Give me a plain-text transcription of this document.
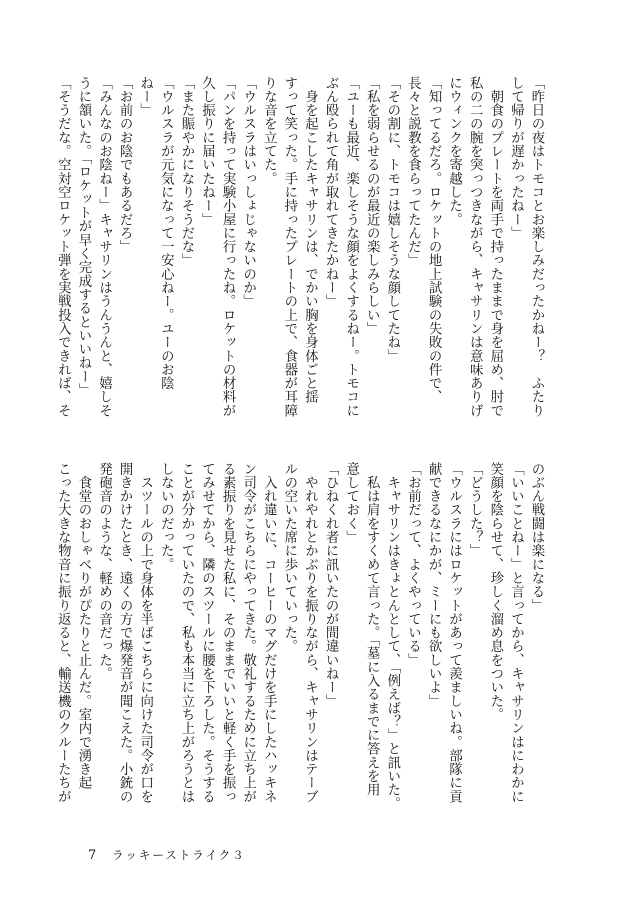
「昨日の夜はトモコとお楽しみだったかねー？　ふたり
して帰りが遅かったねー」
　朝食のプレートを両手で持ったままで身を屈め、肘で
私の二の腕を突っつきながら、キャサリンは意味ありげ
にウィンクを寄越した。
「知ってるだろ。ロケットの地上試験の失敗の件で、
長々と説教を食らってたんだ」
「その割に、トモコは嬉しそうな顔してたね」
「私を弱らせるのが最近の楽しみらしい」
「ユーも最近、楽しそうな顔をよくするねー。トモコに
ぶん殴られて角が取れてきたかねー」
　身を起こしたキャサリンは、でかい胸を身体ごと揺
すって笑った。手に持ったプレートの上で、食器が耳障
りな音を立てた。
「ウルスラはいっしょじゃないのか」
「パンを持って実験小屋に行ったね。ロケットの材料が
久し振りに届いたねー」
「また賑やかになりそうだな」
「ウルスラが元気になって一安心ねー。ユーのお陰
ねー」
「お前のお陰でもあるだろ」
「みんなのお陰ねー」キャサリンはうんうんと、嬉しそ
うに頷いた。「ロケットが早く完成するといいねー」
「そうだな。空対空ロケット弾を実戦投入できれば、そ
のぶん戦闘は楽になる」
「いいことねー」と言ってから、キャサリンはにわかに
笑顔を陰らせて、珍しく溜め息をついた。
「どうした？」
「ウルスラにはロケットがあって羨ましいね。部隊に貢
献できるなにかが、ミーにも欲しいよ」
「お前だって、よくやっている」
　キャサリンはきょとんとして、「例えば？」と訊いた。
　私は肩をすくめて言った。「墓に入るまでに答えを用
意しておく」
「ひねくれ者に訊いたのが間違いねー」
　やれやれとかぶりを振りながら、キャサリンはテーブ
ルの空いた席に歩いていった。
　入れ違いに、コーヒーのマグだけを手にしたハッキネ
ン司令がこちらにやってきた。敬礼するために立ち上が
る素振りを見せた私に、そのままでいいと軽く手を振っ
てみせてから、隣のスツールに腰を下ろした。そうする
ことが分かっていたので、私も本当に立ち上がろうとは
しないのだった。
　スツールの上で身体を半ばこちらに向けた司令が口を
開きかけたとき、遠くの方で爆発音が聞こえた。小銃の
発砲音のような、軽めの音だった。
　食堂のおしゃべりがぴたりと止んだ。室内で湧き起
こった大きな物音に振り返ると、輸送機のクルーたちが
7 ラッキーストライク３
